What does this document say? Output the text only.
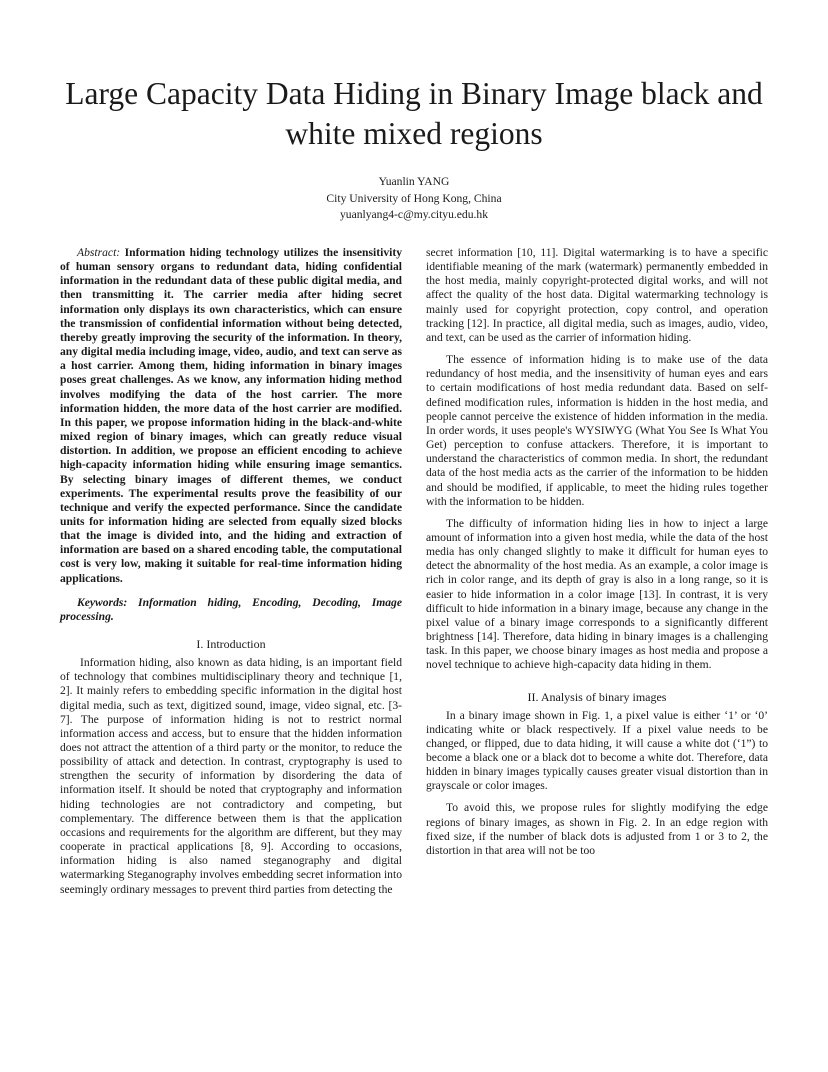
Large Capacity Data Hiding in Binary Image black and white mixed regions
Yuanlin YANG
City University of Hong Kong, China
yuanlyang4-c@my.cityu.edu.hk

Abstract: Information hiding technology utilizes the insensitivity of human sensory organs to redundant data, hiding confidential information in the redundant data of these public digital media, and then transmitting it. The carrier media after hiding secret information only displays its own characteristics, which can ensure the transmission of confidential information without being detected, thereby greatly improving the security of the information. In theory, any digital media including image, video, audio, and text can serve as a host carrier. Among them, hiding information in binary images poses great challenges. As we know, any information hiding method involves modifying the data of the host carrier. The more information hidden, the more data of the host carrier are modified. In this paper, we propose information hiding in the black-and-white mixed region of binary images, which can greatly reduce visual distortion. In addition, we propose an efficient encoding to achieve high-capacity information hiding while ensuring image semantics. By selecting binary images of different themes, we conduct experiments. The experimental results prove the feasibility of our technique and verify the expected performance. Since the candidate units for information hiding are selected from equally sized blocks that the image is divided into, and the hiding and extraction of information are based on a shared encoding table, the computational cost is very low, making it suitable for real-time information hiding applications.

Keywords: Information hiding, Encoding, Decoding, Image processing.

I. Introduction

Information hiding, also known as data hiding, is an important field of technology that combines multidisciplinary theory and technique [1, 2]. It mainly refers to embedding specific information in the digital host digital media, such as text, digitized sound, image, video signal, etc. [3-7]. The purpose of information hiding is not to restrict normal information access and access, but to ensure that the hidden information does not attract the attention of a third party or the monitor, to reduce the possibility of attack and detection. In contrast, cryptography is used to strengthen the security of information by disordering the data of information itself. It should be noted that cryptography and information hiding technologies are not contradictory and competing, but complementary. The difference between them is that the application occasions and requirements for the algorithm are different, but they may cooperate in practical applications [8, 9]. According to occasions, information hiding is also named steganography and digital watermarking Steganography involves embedding secret information into seemingly ordinary messages to prevent third parties from detecting the

secret information [10, 11]. Digital watermarking is to have a specific identifiable meaning of the mark (watermark) permanently embedded in the host media, mainly copyright-protected digital works, and will not affect the quality of the host data. Digital watermarking technology is mainly used for copyright protection, copy control, and operation tracking [12]. In practice, all digital media, such as images, audio, video, and text, can be used as the carrier of information hiding.

The essence of information hiding is to make use of the data redundancy of host media, and the insensitivity of human eyes and ears to certain modifications of host media redundant data. Based on self-defined modification rules, information is hidden in the host media, and people cannot perceive the existence of hidden information in the media. In order words, it uses people's WYSIWYG (What You See Is What You Get) perception to confuse attackers. Therefore, it is important to understand the characteristics of common media. In short, the redundant data of the host media acts as the carrier of the information to be hidden and should be modified, if applicable, to meet the hiding rules together with the information to be hidden.

The difficulty of information hiding lies in how to inject a large amount of information into a given host media, while the data of the host media has only changed slightly to make it difficult for human eyes to detect the abnormality of the host media. As an example, a color image is rich in color range, and its depth of gray is also in a long range, so it is easier to hide information in a color image [13]. In contrast, it is very difficult to hide information in a binary image, because any change in the pixel value of a binary image corresponds to a significantly different brightness [14]. Therefore, data hiding in binary images is a challenging task. In this paper, we choose binary images as host media and propose a novel technique to achieve high-capacity data hiding in them.

II. Analysis of binary images

In a binary image shown in Fig. 1, a pixel value is either ‘1’ or ‘0’ indicating white or black respectively. If a pixel value needs to be changed, or flipped, due to data hiding, it will cause a white dot (‘1”) to become a black one or a black dot to become a white dot. Therefore, data hidden in binary images typically causes greater visual distortion than in grayscale or color images.

To avoid this, we propose rules for slightly modifying the edge regions of binary images, as shown in Fig. 2. In an edge region with fixed size, if the number of black dots is adjusted from 1 or 3 to 2, the distortion in that area will not be too
